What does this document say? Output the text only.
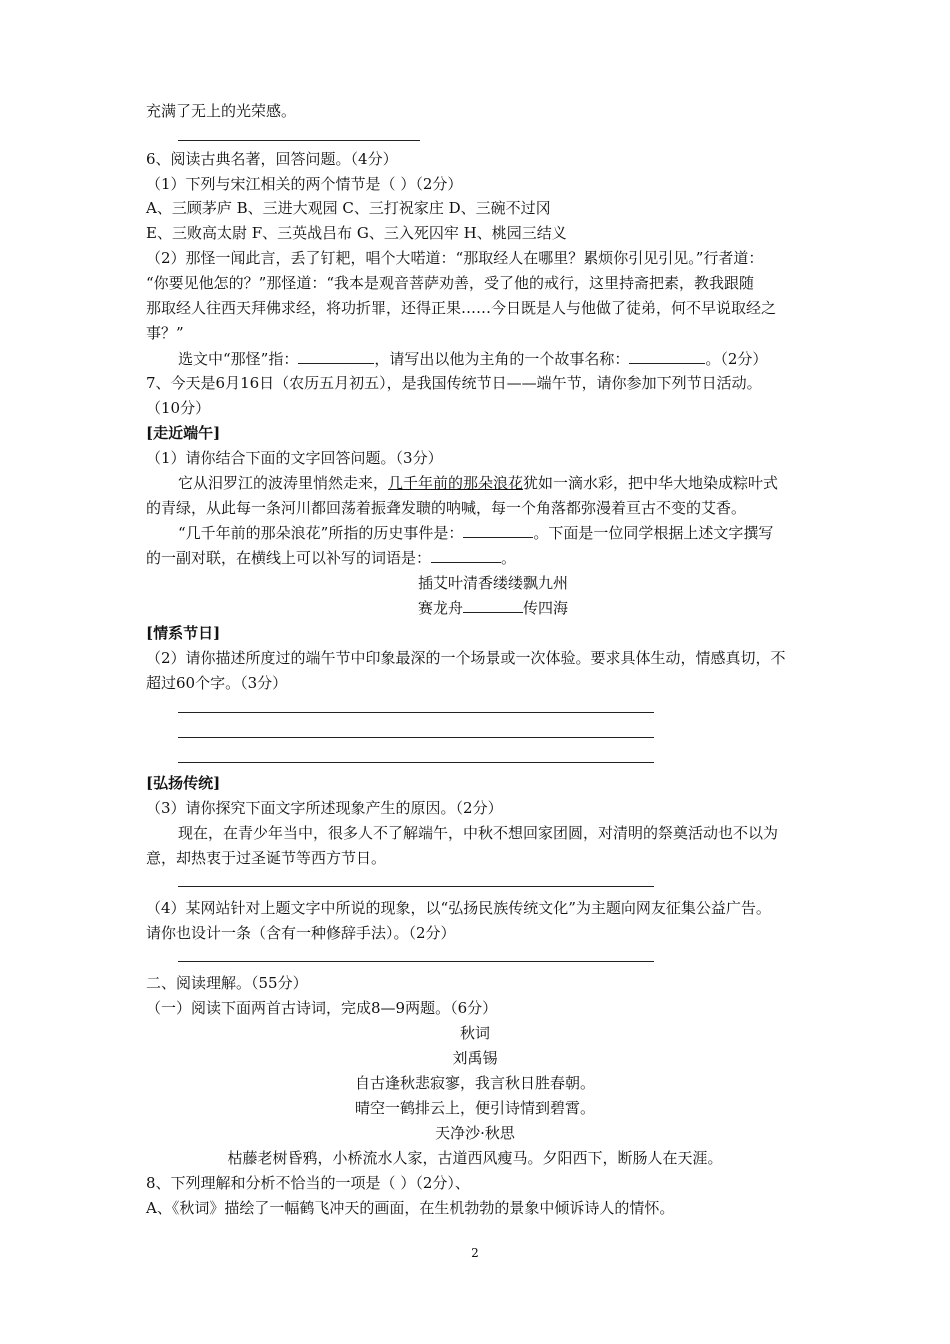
充满了无上的光荣感。
6、阅读古典名著，回答问题。（4分）
（1）下列与宋江相关的两个情节是（ ）（2分）
A、三顾茅庐 B、三进大观园 C、三打祝家庄 D、三碗不过冈
E、三败高太尉 F、三英战吕布 G、三入死囚牢 H、桃园三结义
（2）那怪一闻此言，丢了钉耙，唱个大喏道：“那取经人在哪里？累烦你引见引见。”行者道：
“你要见他怎的？”那怪道：“我本是观音菩萨劝善，受了他的戒行，这里持斋把素，教我跟随
那取经人往西天拜佛求经，将功折罪，还得正果……今日既是人与他做了徒弟，何不早说取经之
事？”
选文中“那怪”指：	，请写出以他为主角的一个故事名称：	。（2分）
7、今天是6月16日（农历五月初五），是我国传统节日——端午节，请你参加下列节日活动。
（10分）
[走近端午]
（1）请你结合下面的文字回答问题。（3分）
它从汨罗江的波涛里悄然走来，几千年前的那朵浪花犹如一滴水彩，把中华大地染成粽叶式
的青绿，从此每一条河川都回荡着振聋发聩的呐喊，每一个角落都弥漫着亘古不变的艾香。
“几千年前的那朵浪花”所指的历史事件是：	。下面是一位同学根据上述文字撰写
的一副对联，在横线上可以补写的词语是：	。
插艾叶清香缕缕飘九州
赛龙舟	传四海
[情系节日]
（2）请你描述所度过的端午节中印象最深的一个场景或一次体验。要求具体生动，情感真切，不
超过60个字。（3分）
[弘扬传统]
（3）请你探究下面文字所述现象产生的原因。（2分）
现在，在青少年当中，很多人不了解端午，中秋不想回家团圆，对清明的祭奠活动也不以为
意，却热衷于过圣诞节等西方节日。
（4）某网站针对上题文字中所说的现象，以“弘扬民族传统文化”为主题向网友征集公益广告。
请你也设计一条（含有一种修辞手法）。（2分）
二、阅读理解。（55分）
（一）阅读下面两首古诗词，完成8—9两题。（6分）
秋词
刘禹锡
自古逢秋悲寂寥，我言秋日胜春朝。
晴空一鹤排云上，便引诗情到碧霄。
天净沙·秋思
枯藤老树昏鸦，小桥流水人家，古道西风瘦马。夕阳西下，断肠人在天涯。
8、下列理解和分析不恰当的一项是（ ）（2分）、
A、《秋词》描绘了一幅鹤飞冲天的画面，在生机勃勃的景象中倾诉诗人的情怀。
2
